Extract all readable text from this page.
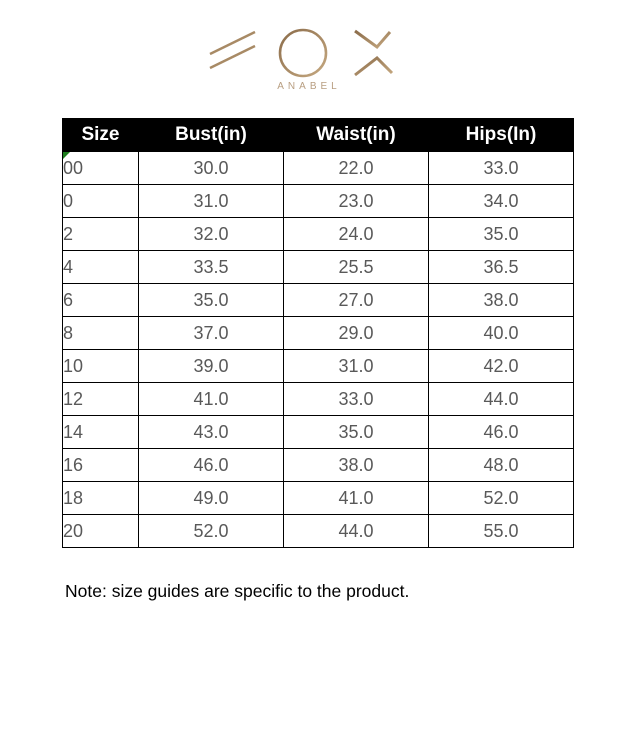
ANABEL
Size	Bust(in)	Waist(in)	Hips(In)

00	30.0	22.0	33.0
0	31.0	23.0	34.0
2	32.0	24.0	35.0
4	33.5	25.5	36.5
6	35.0	27.0	38.0
8	37.0	29.0	40.0
10	39.0	31.0	42.0
12	41.0	33.0	44.0
14	43.0	35.0	46.0
16	46.0	38.0	48.0
18	49.0	41.0	52.0
20	52.0	44.0	55.0
Note: size guides are specific to the product.
